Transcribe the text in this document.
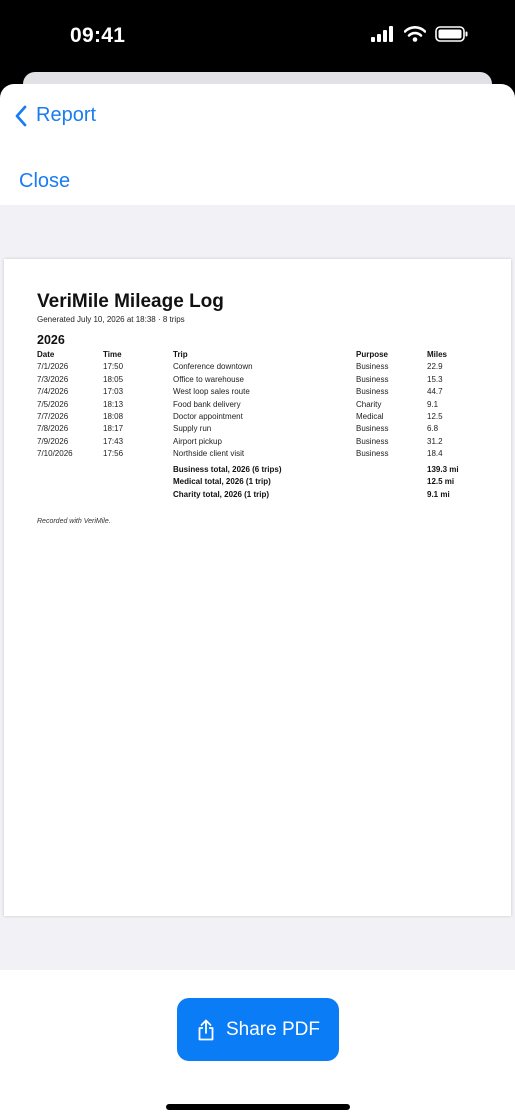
09:41
Report
Close
VeriMile Mileage Log
Generated July 10, 2026 at 18:38 · 8 trips
2026
Date	Time	Trip	Purpose	Miles
7/1/2026	17:50	Conference downtown	Business	22.9
7/3/2026	18:05	Office to warehouse	Business	15.3
7/4/2026	17:03	West loop sales route	Business	44.7
7/5/2026	18:13	Food bank delivery	Charity	9.1
7/7/2026	18:08	Doctor appointment	Medical	12.5
7/8/2026	18:17	Supply run	Business	6.8
7/9/2026	17:43	Airport pickup	Business	31.2
7/10/2026	17:56	Northside client visit	Business	18.4
Business total, 2026 (6 trips)	139.3 mi
Medical total, 2026 (1 trip)	12.5 mi
Charity total, 2026 (1 trip)	9.1 mi
Recorded with VeriMile.
Share PDF
